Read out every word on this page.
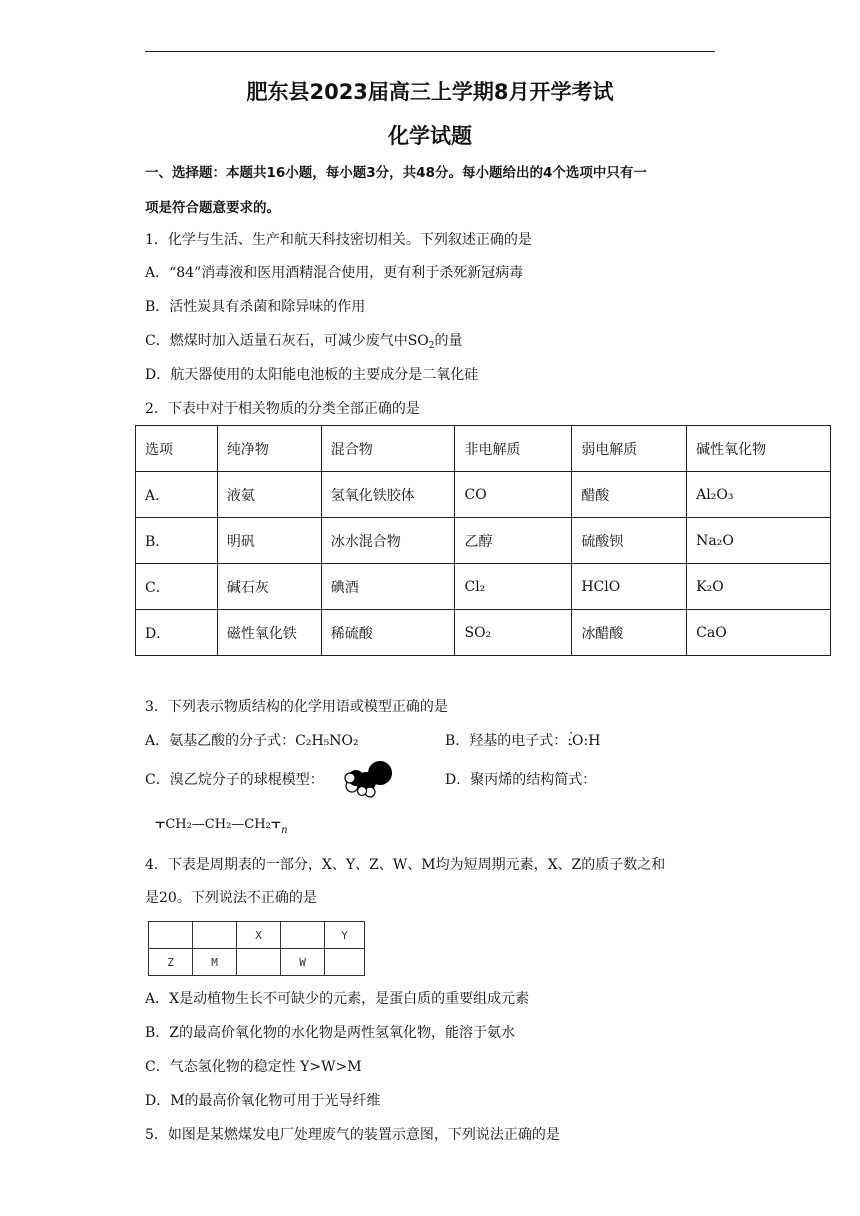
肥东县2023届高三上学期8月开学考试
化学试题
一、选择题：本题共16小题，每小题3分，共48分。每小题给出的4个选项中只有一
项是符合题意要求的。
1．化学与生活、生产和航天科技密切相关。下列叙述正确的是
A．“84”消毒液和医用酒精混合使用，更有利于杀死新冠病毒
B．活性炭具有杀菌和除异味的作用
C．燃煤时加入适量石灰石，可减少废气中$SO_2$的量
D．航天器使用的太阳能电池板的主要成分是二氧化硅
2．下表中对于相关物质的分类全部正确的是
选项	纯净物	混合物	非电解质	弱电解质	碱性氧化物
A．	液氨	氢氧化铁胶体	CO	醋酸	Al₂O₃
B．	明矾	冰水混合物	乙醇	硫酸钡	Na₂O
C．	碱石灰	碘酒	Cl₂	HClO	K₂O
D．	磁性氧化铁	稀硫酸	SO₂	冰醋酸	CaO
3．下列表示物质结构的化学用语或模型正确的是
A．氨基乙酸的分子式：C₂H₅NO₂	B．羟基的电子式：· :O ·:H
C．溴乙烷分子的球棍模型：	D．聚丙烯的结构简式：
$⫟CH_2—CH_2—CH_2⫟_n$
4．下表是周期表的一部分，X、Y、Z、W、M均为短周期元素，X、Z的质子数之和
是20。下列说法不正确的是
		X		Y
Z	M		W	
A．X是动植物生长不可缺少的元素，是蛋白质的重要组成元素
B．Z的最高价氧化物的水化物是两性氢氧化物，能溶于氨水
C．气态氢化物的稳定性 Y>W>M
D．M的最高价氧化物可用于光导纤维
5．如图是某燃煤发电厂处理废气的装置示意图，下列说法正确的是
